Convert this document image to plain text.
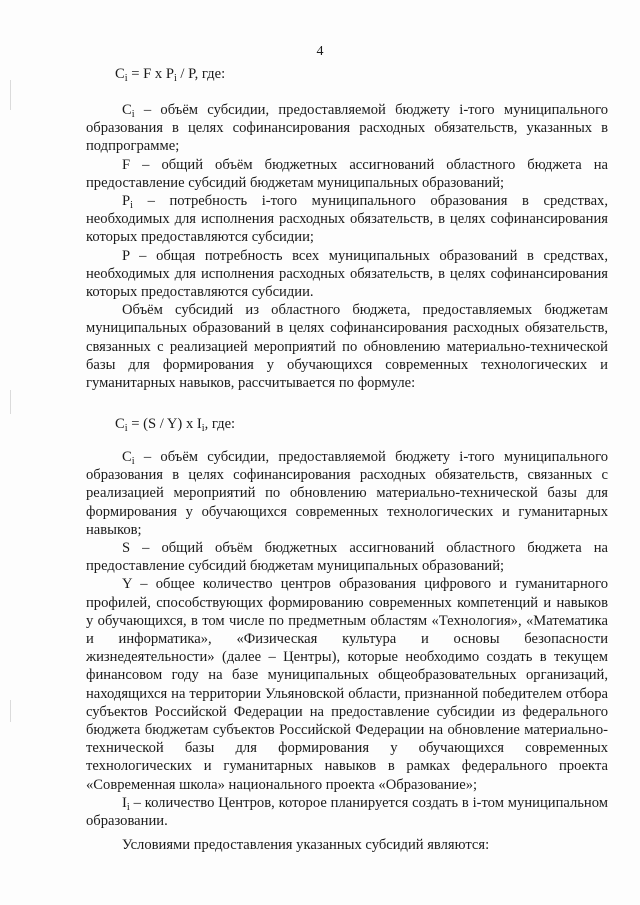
4
$C_i = F$ x $P_i$ / P, где:

$C_i$ – объём субсидии, предоставляемой бюджету i-того муниципального образования в целях софинансирования расходных обязательств, указанных в подпрограмме;

F – общий объём бюджетных ассигнований областного бюджета на предоставление субсидий бюджетам муниципальных образований;

$P_i$ – потребность i-того муниципального образования в средствах, необходимых для исполнения расходных обязательств, в целях софинансирования которых предоставляются субсидии;

P – общая потребность всех муниципальных образований в средствах, необходимых для исполнения расходных обязательств, в целях софинансирования которых предоставляются субсидии.

Объём субсидий из областного бюджета, предоставляемых бюджетам муниципальных образований в целях софинансирования расходных обязательств, связанных с реализацией мероприятий по обновлению материально-технической базы для формирования у обучающихся современных технологических и гуманитарных навыков, рассчитывается по формуле:

$C_i = (S / Y)$ x $I_i$, где:

$C_i$ – объём субсидии, предоставляемой бюджету i-того муниципального образования в целях софинансирования расходных обязательств, связанных с реализацией мероприятий по обновлению материально-технической базы для формирования у обучающихся современных технологических и гуманитарных навыков;

S – общий объём бюджетных ассигнований областного бюджета на предоставление субсидий бюджетам муниципальных образований;

Y – общее количество центров образования цифрового и гуманитарного профилей, способствующих формированию современных компетенций и навыков у обучающихся, в том числе по предметным областям «Технология», «Математика и информатика», «Физическая культура и основы безопасности жизнедеятельности» (далее – Центры), которые необходимо создать в текущем финансовом году на базе муниципальных общеобразовательных организаций, находящихся на территории Ульяновской области, признанной победителем отбора субъектов Российской Федерации на предоставление субсидии из федерального бюджета бюджетам субъектов Российской Федерации на обновление материально-технической базы для формирования у обучающихся современных технологических и гуманитарных навыков в рамках федерального проекта «Современная школа» национального проекта «Образование»;

$I_i$ – количество Центров, которое планируется создать в i-том муниципальном образовании.

Условиями предоставления указанных субсидий являются:
